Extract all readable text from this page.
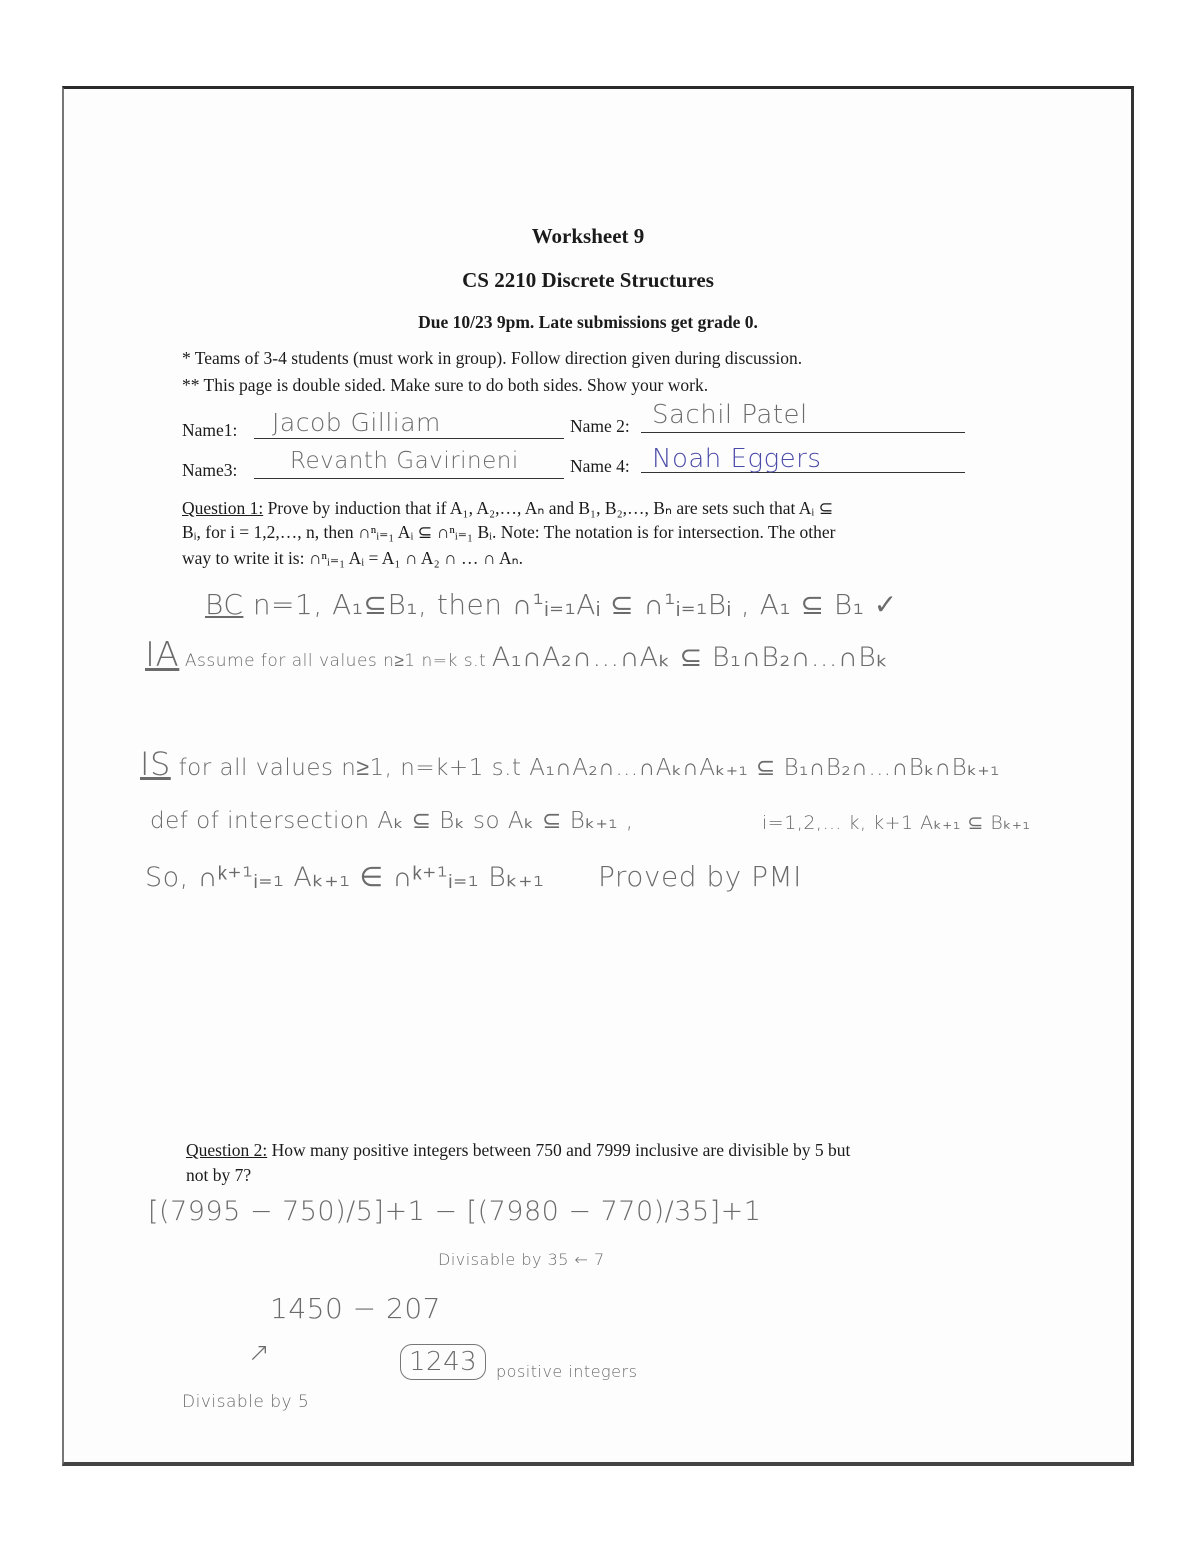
Worksheet 9
CS 2210 Discrete Structures
Due 10/23 9pm. Late submissions get grade 0.
* Teams of 3-4 students (must work in group). Follow direction given during discussion.
** This page is double sided. Make sure to do both sides. Show your work.
Name1: Jacob Gilliam	Name 2: Sachil Patel
Name3: Revanth Gavirineni	Name 4: Noah Eggers
Question 1: Prove by induction that if A₁, A₂,…, Aₙ and B₁, B₂,…, Bₙ are sets such that Aᵢ ⊆
Bᵢ, for i = 1,2,…, n, then ∩ⁿᵢ₌₁ Aᵢ ⊆ ∩ⁿᵢ₌₁ Bᵢ. Note: The notation is for intersection. The other
way to write it is: ∩ⁿᵢ₌₁ Aᵢ = A₁ ∩ A₂ ∩ … ∩ Aₙ.
BC n=1, A₁⊆B₁, then ∩¹ᵢ₌₁Aᵢ ⊆ ∩¹ᵢ₌₁Bᵢ , A₁ ⊆ B₁ ✓
IA Assume for all values n≥1 n=k s.t A₁∩A₂∩…∩Aₖ ⊆ B₁∩B₂∩…∩Bₖ
IS for all values n≥1, n=k+1 s.t A₁∩A₂∩…∩Aₖ∩Aₖ₊₁ ⊆ B₁∩B₂∩…∩Bₖ∩Bₖ₊₁
def of intersection Aₖ ⊆ Bₖ so Aₖ ⊆ Bₖ₊₁ ,	i=1,2,… k, k+1 Aₖ₊₁ ⊆ Bₖ₊₁
So, ∩ᵏ⁺¹ᵢ₌₁ Aₖ₊₁ ∈ ∩ᵏ⁺¹ᵢ₌₁ Bₖ₊₁ Proved by PMI
Question 2: How many positive integers between 750 and 7999 inclusive are divisible by 5 but
not by 7?
[(7995 − 750)/5]+1 − [(7980 − 770)/35]+1
Divisable by 35 ← 7
1450 − 207
↗	1243	positive integers
Divisable by 5
